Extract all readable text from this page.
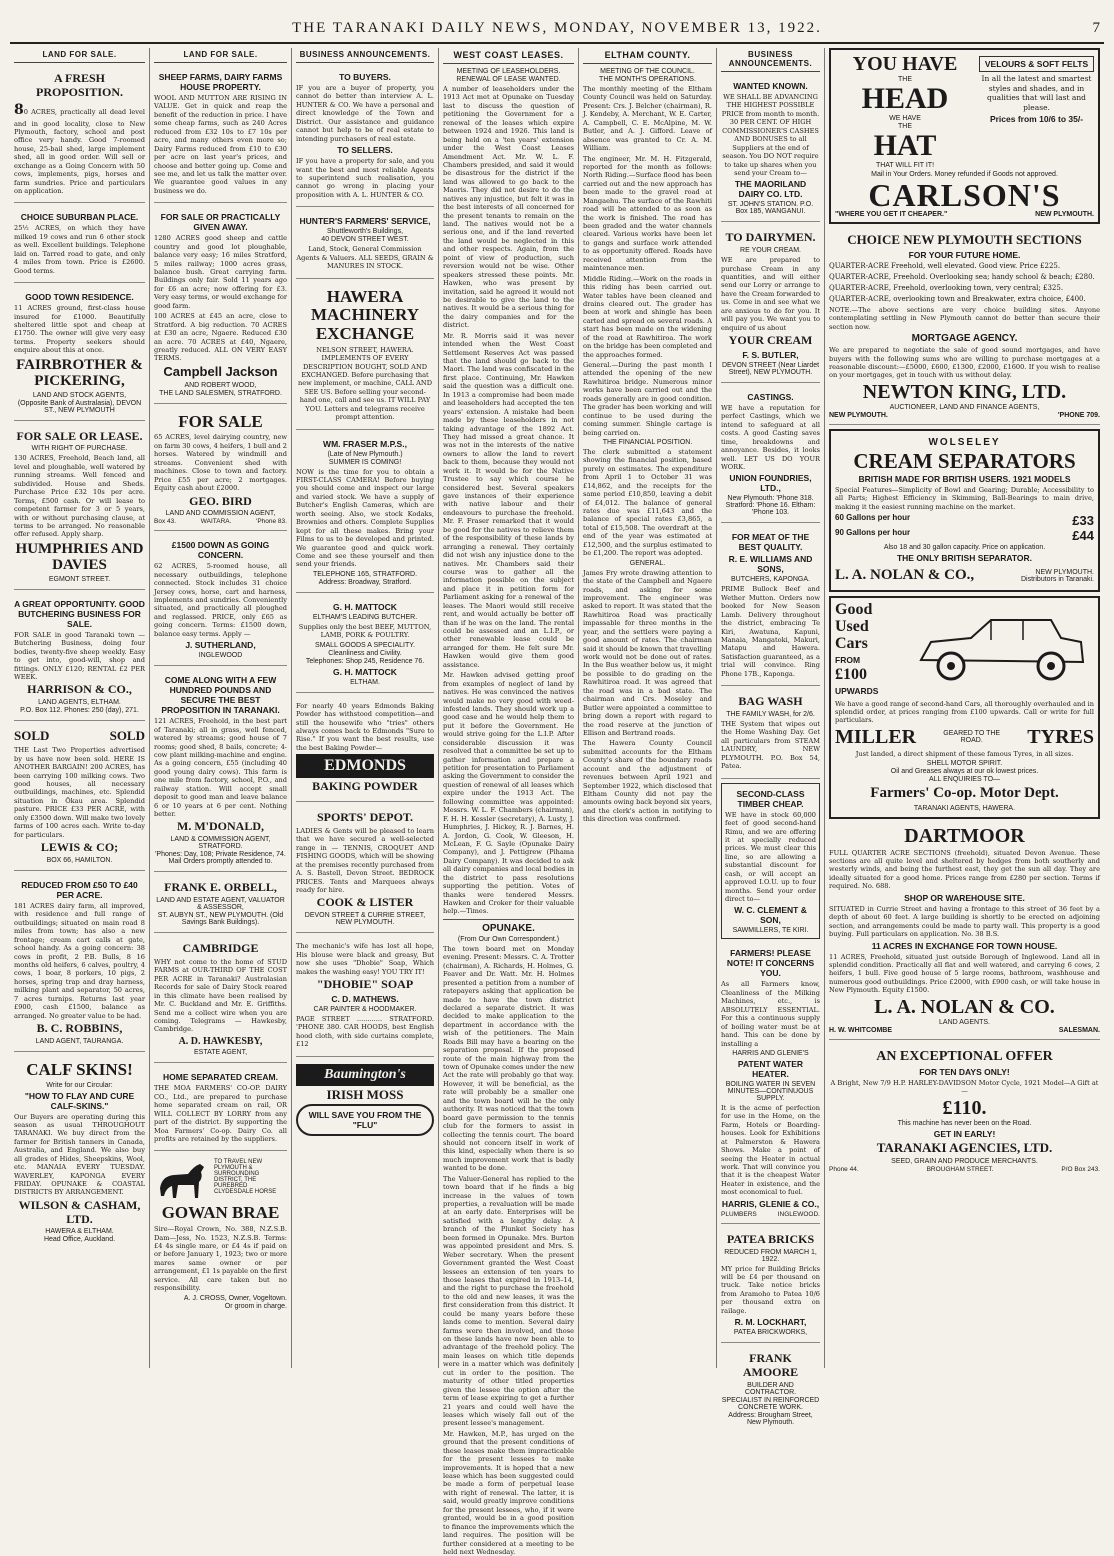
THE TARANAKI DAILY NEWS, MONDAY, NOVEMBER 13, 1922.	7
LAND FOR SALE.
A FRESH PROPOSITION.
80 ACRES, practically all dead level and in good locality, close to New Plymouth, factory, school and post office very handy. Good 7-roomed house, 25-bail shed, large implement shed, all in good order. Will sell or exchange as a Going Concern with 50 cows, implements, pigs, horses and farm sundries. Price and particulars on application.
CHOICE SUBURBAN PLACE.
25½ ACRES, on which they have milked 19 cows and run 6 other stock as well. Excellent buildings. Telephone laid on. Tarred road to gate, and only 4 miles from town. Price is £2600. Good terms.
GOOD TOWN RESIDENCE.
11 ACRES ground, first-class house insured for £1000. Beautifully sheltered little spot and cheap at £1750. The owner will give very easy terms. Property seekers should enquire about this at once.
FAIRBROTHER & PICKERING,
LAND AND STOCK AGENTS,
(Opposite Bank of Australasia), DEVON ST., NEW PLYMOUTH
FOR SALE OR LEASE.
WITH RIGHT OF PURCHASE.
130 ACRES, Freehold, Beach land, all level and ploughable, well watered by running streams. Well fenced and subdivided. House and Sheds. Purchase Price £32 10s per acre. Terms, £500 cash. Or will lease to competent farmer for 3 or 5 years, with or without purchasing clause, at terms to be arranged. No reasonable offer refused. Apply sharp.
HUMPHRIES AND DAVIES
EGMONT STREET.
A GREAT OPPORTUNITY. GOOD BUTCHERING BUSINESS FOR SALE.
FOR SALE in good Taranaki town — Butchering Business, doing four bodies, twenty-five sheep weekly. Easy to get into, good-will, shop and fittings. ONLY £120; RENTAL £2 PER WEEK.
HARRISON & CO.,
LAND AGENTS, ELTHAM.
P.O. Box 112. Phones: 250 (day), 271.
SOLD	SOLD
THE Last Two Properties advertised by us have now been sold. HERE IS ANOTHER BARGAIN! 200 ACRES, has been carrying 100 milking cows. Two good houses, all necessary outbuildings, machines, etc. Splendid situation in Ōkau area. Splendid pasture. PRICE £33 PER ACRE, with only £3500 down. Will make two lovely farms of 100 acres each. Write to-day for particulars.
LEWIS & CO;
BOX 66, HAMILTON.
REDUCED FROM £50 TO £40 PER ACRE.
181 ACRES dairy farm, all improved, with residence and full range of outbuildings; situated on main road 8 miles from town; has also a new frontage; cream cart calls at gate, school handy. As a going concern: 38 cows in profit, 2 P.B. Bulls, 8 16 months old heifers, 6 calves, poultry, 4 cows, 1 boar, 8 porkers, 10 pigs, 2 horses, spring trap and dray harness, milking plant and separator, 50 acres, 7 acres turnips. Returns last year £900, cash £1500, balance as arranged. No greater value to be had.
B. C. ROBBINS,
LAND AGENT, TAURANGA.
CALF SKINS!
Write for our Circular:
"HOW TO FLAY AND CURE CALF-SKINS."
Our Buyers are operating during this season as usual THROUGHOUT TARANAKI. We buy direct from the farmer for British tanners in Canada, Australia, and England. We also buy all grades of Hides, Sheepskins, Wool, etc. MANAIA EVERY TUESDAY. WAVERLEY, KAPONGA EVERY FRIDAY. OPUNAKE & COASTAL DISTRICTS BY ARRANGEMENT.
WILSON & CASHAM, LTD.
HAWERA & ELTHAM.
Head Office, Auckland.
LAND FOR SALE.
SHEEP FARMS, DAIRY FARMS HOUSE PROPERTY.
WOOL AND MUTTON ARE RISING IN VALUE. Get in quick and reap the benefit of the reduction in price. I have some cheap farms, such as 240 Acres reduced from £32 10s to £7 10s per acre, and many others even more so; Dairy Farms reduced from £10 to £30 per acre on last year's prices, and choose and better going up. Come and see me, and let us talk the matter over. We guarantee good values in any business we do.
FOR SALE OR PRACTICALLY GIVEN AWAY.
1280 ACRES good sheep and cattle country and good lot ploughable, balance very easy; 16 miles Stratford, 5 miles railway; 1000 acres grass, balance bush. Great carrying farm. Buildings only fair. Sold 11 years ago for £6 an acre; now offering for £3. Very easy terms, or would exchange for good farm.
100 ACRES at £45 an acre, close to Stratford. A big reduction. 70 ACRES at £30 an acre, Ngaere. Reduced £30 an acre. 70 ACRES at £40, Ngaere, greatly reduced. ALL ON VERY EASY TERMS.
Campbell Jackson
AND ROBERT WOOD,
THE LAND SALESMEN, STRATFORD.
FOR SALE
65 ACRES, level dairying country, new on farm 30 cows, 4 heifers, 1 bull and 2 horses. Watered by windmill and streams. Convenient shed with machines. Close to town and factory. Price £55 per acre; 2 mortgages. Equity cash about £2000.
GEO. BIRD
LAND AND COMMISSION AGENT,
Box 43.	WAITARA.	'Phone 83.
£1500 DOWN AS GOING CONCERN.
62 ACRES, 5-roomed house, all necessary outbuildings, telephone connected. Stock includes 31 choice Jersey cows, horse, cart and harness, implements and sundries. Conveniently situated, and practically all ploughed and reglassed. PRICE, only £65 as going concern. Terms: £1500 down, balance easy terms. Apply —
J. SUTHERLAND,
INGLEWOOD
COME ALONG WITH A FEW HUNDRED POUNDS AND SECURE THE BEST PROPOSITION IN TARANAKI.
121 ACRES, Freehold, in the best part of Taranaki; all in grass, well fenced, watered by streams; good house of 7 rooms; good shed, 8 bails, concrete; 4-cow plant milking-machine and engine. As a going concern, £55 (including 40 good young dairy cows). This farm is one mile from factory, school, P.O., and railway station. Will accept small deposit to good man and leave balance 6 or 10 years at 6 per cent. Nothing better.
M. M'DONALD,
LAND & COMMISSION AGENT, STRATFORD.
'Phones: Day, 108; Private Residence, 74. Mail Orders promptly attended to.
FRANK E. ORBELL,
LAND AND ESTATE AGENT, VALUATOR & ASSESSOR,
ST. AUBYN ST., NEW PLYMOUTH. (Old Savings Bank Buildings).
CAMBRIDGE
WHY not come to the home of STUD FARMS at OUR-THIRD OF THE COST PER ACRE in Taranaki? Australasian Records for sale of Dairy Stock reared in this climate have been realised by Mr. C. Buckland and Mr. E. Griffiths. Send me a collect wire when you are coming. Telegrams — Hawkesby, Cambridge.
A. D. HAWKESBY,
ESTATE AGENT,
HOME SEPARATED CREAM.
THE MOA FARMERS' CO-OP. DAIRY CO., Ltd., are prepared to purchase home separated cream on rail, OR WILL COLLECT BY LORRY from any part of the district. By supporting the Moa Farmers' Co-op. Dairy Co. all profits are retained by the suppliers.
TO TRAVEL NEW PLYMOUTH & SURROUNDING DISTRICT, THE PUREBRED CLYDESDALE HORSE
GOWAN BRAE
Sire—Royal Crown, No. 388, N.Z.S.B. Dam—Jess, No. 1523, N.Z.S.B. Terms: £4 4s single mare, or £4 4s if paid on or before January 1, 1923; two or more mares same owner or per arrangement, £1 1s payable on the first service. All care taken but no responsibility.
A. J. CROSS, Owner, Vogeltown.
Or groom in charge.
BUSINESS ANNOUNCEMENTS.
TO BUYERS.
IF you are a buyer of property, you cannot do better than interview A. L. HUNTER & CO. We have a personal and direct knowledge of the Town and District. Our assistance and guidance cannot but help to be of real estate to intending purchasers of real estate.
TO SELLERS.
IF you have a property for sale, and you want the best and most reliable Agents to superintend such realisation, you cannot go wrong in placing your proposition with A. L. HUNTER & CO.
HUNTER'S FARMERS' SERVICE,
Shuttleworth's Buildings,
40 DEVON STREET WEST.
Land, Stock, General Commission Agents & Valuers. ALL SEEDS, GRAIN & MANURES IN STOCK.
HAWERA MACHINERY EXCHANGE
NELSON STREET, HAWERA. IMPLEMENTS OF EVERY DESCRIPTION BOUGHT, SOLD AND EXCHANGED. Before purchasing that new implement, or machine, CALL AND SEE US. Before selling your second-hand one, call and see us. IT WILL PAY YOU. Letters and telegrams receive prompt attention.
WM. FRASER M.P.S.,
(Late of New Plymouth.)
SUMMER IS COMING!
NOW is the time for you to obtain a FIRST-CLASS CAMERA! Before buying you should come and inspect our large and varied stock. We have a supply of Butcher's English Cameras, which are worth seeing. Also, we stock Kodaks, Brownies and others. Complete Supplies kept for all these makes. Bring your Films to us to be developed and printed. We guarantee good and quick work. Come and see these yourself and then send your friends.
TELEPHONE 165, STRATFORD.
Address: Broadway, Stratford.
G. H. MATTOCK
ELTHAM'S LEADING BUTCHER.
Supplies only the best BEEF, MUTTON, LAMB, PORK & POULTRY.
SMALL GOODS A SPECIALITY.
Cleanliness and Civility.
Telephones: Shop 245, Residence 76.
G. H. MATTOCK
ELTHAM.
For nearly 40 years Edmonds Baking Powder has withstood competition—and still the housewife who "tries" others always comes back to Edmonds "Sure to Rise." If you want the best results, use the best Baking Powder—
EDMONDS
BAKING POWDER
SPORTS' DEPOT.
LADIES & Gents will be pleased to learn that we have secured a well-selected range in — TENNIS, CROQUET AND FISHING GOODS, which will be showing at the premises recently purchased from A. S. Bastell, Devon Street. BEDROCK PRICES. Tents and Marquees always ready for hire.
COOK & LISTER
DEVON STREET & CURRIE STREET, NEW PLYMOUTH.
The mechanic's wife has lost all hope, His blouse were black and greasy, But now she uses "Dhobie" Soap, Which makes the washing easy! YOU TRY IT!
"DHOBIE" SOAP
C. D. MATHEWS.
CAR PAINTER & HOODMAKER.
PAGE STREET ............ STRATFORD. 'PHONE 380. CAR HOODS, best English hood cloth, with side curtains complete, £12
Baumington's
IRISH MOSS
WILL SAVE YOU FROM THE "FLU"
WEST COAST LEASES.
MEETING OF LEASEHOLDERS.
RENEWAL OF LEASE WANTED.
A number of leaseholders under the 1913 Act met at Opunake on Tuesday last to discuss the question of petitioning the Government for a renewal of the leases which expire between 1924 and 1926. This land is being held on a 'ten years' extension under the West Coast Leases Amendment Act. Mr. W. L. F. Chambers presided, and said it would be disastrous for the district if the land was allowed to go back to the Maoris. They did not desire to do the natives any injustice, but felt it was in the best interests of all concerned for the present tenants to remain on the land. The natives would not be a serious one, and if the land reverted the land would be neglected in this and other respects. Again, from the point of view of production, such reversion would not be wise. Other speakers stressed these points. Mr. Hawken, who was present by invitation, said he agreed it would not be desirable to give the land to the natives. It would be a serious thing for the dairy companies and for the district.
Mr. R. Morris said it was never intended when the West Coast Settlement Reserves Act was passed that the land should go back to the Maori. The land was confiscated in the first place. Continuing, Mr. Hawken said the question was a difficult one. In 1913 a compromise had been made and leaseholders had accepted the ten years' extension. A mistake had been made by these leaseholders in not taking advantage of the 1892 Act. They had missed a great chance. It was not in the interests of the native owners to allow the land to revert back to them, because they would not work it. It would be for the Native Trustee to say which course he considered best. Several speakers gave instances of their experience with native labour and their endeavours to purchase the freehold. Mr. F. Fraser remarked that it would be good for the natives to relieve them of the responsibility of these lands by arranging a renewal. They certainly did not wish any injustice done to the natives. Mr. Chambers said their course was to gather all the information possible on the subject and place it in petition form for Parliament asking for a renewal of the leases. The Maori would still receive rent, and would actually be better off than if he was on the land. The rental could be assessed and an L.I.P., or other renewable lease could be arranged for them. He felt sure Mr. Hawken would give them good assistance.
Mr. Hawken advised getting proof from examples of neglect of land by natives. He was convinced the natives would make no very good with weed-infested lands. They should work up a good case and he would help them to put it before the Government. He would strive going for the L.I.P. After considerable discussion it was resolved that a committee be set up to gather information and prepare a petition for presentation to Parliament asking the Government to consider the question of renewal of all leases which expire under the 1913 Act. The following committee was appointed: Messrs. W. L. F. Chambers (chairman), F. H. H. Kessler (secretary), A. Lusty, J. Humphries, J. Hickey, R. J. Barnes, H. A. Jordon, G. Cook, W. Gleeson, H. McLean, F. G. Sayle (Opunake Dairy Company), and J. Pettigrew (Pihama Dairy Company). It was decided to ask all dairy companies and local bodies in the district to pass resolutions supporting the petition. Votes of thanks were tendered Messrs. Hawken and Croker for their valuable help.—Times.
OPUNAKE.
(From Our Own Correspondent.)
The town board met on Monday evening. Present: Messrs. C. A. Trotter (chairman), A. Richards, H. Holmes, G. Feaver and Dr. Watt. Mr. H. Holmes presented a petition from a number of ratepayers asking that application be made to have the town district declared a separate district. It was decided to make application to the department in accordance with the wish of the petitioners. The Main Roads Bill may have a bearing on the separation proposal. If the proposed route of the main highway from the town of Opunake comes under the new Act the rate will probably go that way. However, it will be beneficial, as the rate will probably be a smaller one and the town board will be the only authority. It was noticed that the town board gave permission to the tennis club for the formers to assist in collecting the tennis court. The board should not concern itself in work of this kind, especially when there is so much improvement work that is badly wanted to be done.
The Valuer-General has replied to the town board that if he finds a big increase in the values of town properties, a revaluation will be made at an early date. Enterprises will be satisfied with a lengthy delay. A branch of the Plunket Society has been formed in Opunake. Mrs. Burton was appointed president and Mrs. S. Weber secretary. When the present Government granted the West Coast lessees an extension of ten years to those leases that expired in 1913–14, and the right to purchase the freehold to the old and new leases, it was the first consideration from this district. It could be many years before these lands come to mention. Several dairy farms were then involved, and those on these lands have now been able to advantage of the freehold policy. The main leases on which title depends were in a matter which was definitely cut in order to the position. The maturity of other titled properties given the lessee the option after the term of lease expiring to get a further 21 years and could well have the leases which wisely fall out of the present lessee's management.
Mr. Hawken, M.P., has urged on the ground that the present conditions of these leases make them impracticable for the present lessees to make improvements. It is hoped that a new lease which has been suggested could be made a form of perpetual lease with right of renewal. The latter, it is said, would greatly improve conditions for the present lessees, who, if it were granted, would be in a good position to finance the improvements which the land requires. The position will be further considered at a meeting to be held next Wednesday.
ELTHAM COUNTY.
MEETING OF THE COUNCIL.
THE MONTH'S OPERATIONS.
The monthly meeting of the Eltham County Council was held on Saturday. Present: Crs. J. Belcher (chairman), R. J. Kendeby, A. Merchant, W. E. Carter, A. Campbell, C. E. McAlpine, M. W. Butler, and A. J. Gifford. Leave of absence was granted to Cr. A. M. William.
The engineer, Mr. M. H. Fitzgerald, reported for the month as follows: North Riding.—Surface flood has been carried out and the new approach has been made to the gravel road at Mangaehu. The surface of the Rawhiti road will be attended to as soon as the work is finished. The road has been graded and the water channels cleared. Various works have been let to gangs and surface work attended to as opportunity offered. Roads have received attention from the maintenance men.
Middle Riding.—Work on the roads in this riding has been carried out. Water tables have been cleaned and drains cleared out. The grader has been at work and shingle has been carted and spread on several roads. A start has been made on the widening of the road at Rawhitiroa. The work on the bridge has been completed and the approaches formed.
General.—During the past month I attended the opening of the new Rawhitiroa bridge. Numerous minor works have been carried out and the roads generally are in good condition. The grader has been working and will continue to be used during the coming summer. Shingle cartage is being carried on.
THE FINANCIAL POSITION.
The clerk submitted a statement showing the financial position, based purely on estimates. The expenditure from April 1 to October 31 was £14,862, and the receipts for the same period £10,850, leaving a debit of £4,012. The balance of general rates due was £11,643 and the balance of special rates £3,865, a total of £15,508. The overdraft at the end of the year was estimated at £12,500, and the surplus estimated to be £1,200. The report was adopted.
GENERAL.
James Fry wrote drawing attention to the state of the Campbell and Ngaere roads, and asking for some improvement. The engineer was asked to report. It was stated that the Rawhitiroa Road was practically impassable for three months in the year, and the settlers were paying a good amount of rates. The chairman said it should be known that travelling work would not be done out of rates. In the Bus weather below us, it might be possible to do grading on the Rawhitiroa road. It was agreed that the road was in a bad state. The chairman and Crs. Moseley and Butler were appointed a committee to bring down a report with regard to the road reserve at the junction of Ellison and Bertrand roads.
The Hawera County Council submitted accounts for the Eltham County's share of the boundary roads account and the adjustment of revenues between April 1921 and September 1922, which disclosed that Eltham County did not pay the amounts owing back beyond six years, and the clerk's action in notifying to this direction was confirmed.
BUSINESS ANNOUNCEMENTS.
WANTED KNOWN.
WE SHALL BE ADVANCING THE HIGHEST POSSIBLE PRICE from month to month. 30 PER CENT. OF HIGH COMMISSIONER'S CASHES AND BONUSES to all Suppliers at the end of season. You DO NOT require to take up shares when you send your Cream to—
THE MAORILAND DAIRY CO. LTD.
ST. JOHN'S STATION. P.O. Box 185, WANGANUI.
TO DAIRYMEN.
RE YOUR CREAM.
WE are prepared to purchase Cream in any quantities, and will either send our Lorry or arrange to have the Cream forwarded to us. Come in and see what we are anxious to do for you. It will pay you. We want you to enquire of us about
YOUR CREAM
F. S. BUTLER,
DEVON STREET (Near Liardet Street), NEW PLYMOUTH.
CASTINGS.
WE have a reputation for perfect Castings, which we intend to safeguard at all costs. A good Casting saves time, breakdowns and annoyance. Besides, it looks well. LET US DO YOUR WORK.
UNION FOUNDRIES, LTD.,
New Plymouth: 'Phone 318. Stratford: 'Phone 16. Eltham: 'Phone 103.
FOR MEAT OF THE BEST QUALITY.
R. E. WILLIAMS AND SONS,
BUTCHERS, KAPONGA.
PRIME Bullock Beef and Wether Mutton. Orders now booked for New Season Lamb. Delivery throughout the district, embracing Te Kiri, Awatuna, Kapuni, Manaia, Mangatoki, Makuri, Matapu and Hawera. Satisfaction guaranteed, as a trial will convince. Ring Phone 17B., Kaponga.
BAG WASH
THE FAMILY WASH, for 2/6.
THE System that wipes out the Home Washing Day. Get all particulars from STEAM LAUNDRY, NEW PLYMOUTH. P.O. Box 54, Patea.
SECOND-CLASS TIMBER CHEAP.
WE have in stock 60,000 feet of good second-hand Rimu, and we are offering it at specially reduced prices. We must clear this line, so are allowing a substantial discount for cash, or will accept an approved I.O.U. up to four months. Send your order direct to—
W. C. CLEMENT & SON,
SAWMILLERS, TE KIRI.
FARMERS! PLEASE NOTE! IT CONCERNS YOU.
As all Farmers know, Cleanliness of the Milking Machines, etc., is ABSOLUTELY ESSENTIAL. For this a continuous supply of boiling water must be at hand. This can be done by installing a
HARRIS AND GLENIE'S
PATENT WATER HEATER.
BOILING WATER IN SEVEN MINUTES—CONTINUOUS SUPPLY.
It is the acme of perfection for use in the Home, on the Farm, Hotels or Boarding-houses. Look for Exhibitions at Palmerston & Hawera Shows. Make a point of seeing the Heater in actual work. That will convince you that it is the cheapest Water Heater in existence, and the most economical to fuel.
HARRIS, GLENIE & CO.,
PLUMBERS	INGLEWOOD.
PATEA BRICKS
REDUCED FROM MARCH 1, 1922.
MY price for Building Bricks will be £4 per thousand on truck. Take notice bricks from Aramoho to Patea 10/6 per thousand extra on railage.
R. M. LOCKHART,
PATEA BRICKWORKS,
FRANK AMOORE
BUILDER AND CONTRACTOR.
SPECIALIST IN REINFORCED CONCRETE WORK.
Address: Brougham Street, New Plymouth.
YOU HAVE
THE
HEAD
WE HAVE
THE
HAT
THAT WILL FIT IT!
VELOURS & SOFT FELTS
In all the latest and smartest styles and shades, and in qualities that will last and please.
Prices from 10/6 to 35/-
Mail in Your Orders. Money refunded if Goods not approved.
CARLSON'S
"WHERE YOU GET IT CHEAPER."	NEW PLYMOUTH.
CHOICE NEW PLYMOUTH SECTIONS
FOR YOUR FUTURE HOME.
QUARTER-ACRE Freehold, well elevated. Good view. Price £225.
QUARTER-ACRE, Freehold. Overlooking sea; handy school & beach; £280.
QUARTER-ACRE, Freehold, overlooking town, very central; £325.
QUARTER-ACRE, overlooking town and Breakwater, extra choice, £400.
NOTE.—The above sections are very choice building sites. Anyone contemplating settling in New Plymouth cannot do better than secure their section now.
MORTGAGE AGENCY.
We are prepared to negotiate the sale of good sound mortgages, and have buyers with the following sums who are willing to purchase mortgages at a reasonable discount:—£5000, £600, £1300, £2000, £1600. If you wish to realise on your mortgages, get in touch with us without delay.
NEWTON KING, LTD.
AUCTIONEER, LAND AND FINANCE AGENTS,
NEW PLYMOUTH.	'PHONE 709.
WOLSELEY
CREAM SEPARATORS
BRITISH MADE FOR BRITISH USERS. 1921 MODELS
Special Features—Simplicity of Bowl and Gearing; Durable; Accessibility to all Parts; Highest Efficiency in Skimming, Ball-Bearings to main drive, making it the easiest running machine on the market.
60 Gallons per hour	£33
90 Gallons per hour	£44
Also 18 and 30 gallon capacity. Price on application.
THE ONLY BRITISH SEPARATOR.
L. A. NOLAN & CO.,	NEW PLYMOUTH. Distributors in Taranaki.
Good
Used
Cars
FROM
£100
UPWARDS
We have a good range of second-hand Cars, all thoroughly overhauled and in splendid order, at prices ranging from £100 upwards. Call or write for full particulars.
MILLER	GEARED TO THE ROAD.	TYRES
Just landed, a direct shipment of these famous Tyres, in all sizes.
SHELL MOTOR SPIRIT.
Oil and Greases always at our ok lowest prices.
ALL ENQUIRIES TO—
Farmers' Co-op. Motor Dept.
TARANAKI AGENTS, HAWERA.
DARTMOOR
FULL QUARTER ACRE SECTIONS (freehold), situated Devon Avenue. These sections are all quite level and sheltered by hedges from both southerly and westerly winds, and being the furthest east, they get the sun all day. They are ideally situated for a good home. Prices range from £280 per section. Terms if required. No. 688.
SHOP OR WAREHOUSE SITE.
SITUATED in Currie Street and having a frontage to this street of 36 feet by a depth of about 60 feet. A large building is shortly to be erected on adjoining section, and arrangements could be made to party wall. This property is a good buying. Full particulars on application. No. 38 B.S.
11 ACRES IN EXCHANGE FOR TOWN HOUSE.
11 ACRES, Freehold, situated just outside Borough of Inglewood. Land all in splendid condition. Practically all flat and well watered, and carrying 6 cows, 2 heifers, 1 bull. Five good house of 5 large rooms, bathroom, washhouse and numerous good outbuildings. Price £2000, with £900 cash, or will take house in New Plymouth. Equity £1500.
L. A. NOLAN & CO.
LAND AGENTS.
H. W. WHITCOMBE	SALESMAN.
AN EXCEPTIONAL OFFER
FOR TEN DAYS ONLY!
A Bright, New 7/9 H.P. HARLEY-DAVIDSON Motor Cycle, 1921 Model—A Gift at—
£110.
This machine has never been on the Road.
GET IN EARLY!
TARANAKI AGENCIES, LTD.
SEED, GRAIN AND PRODUCE MERCHANTS.
Phone 44.	BROUGHAM STREET.	P/O Box 243.
